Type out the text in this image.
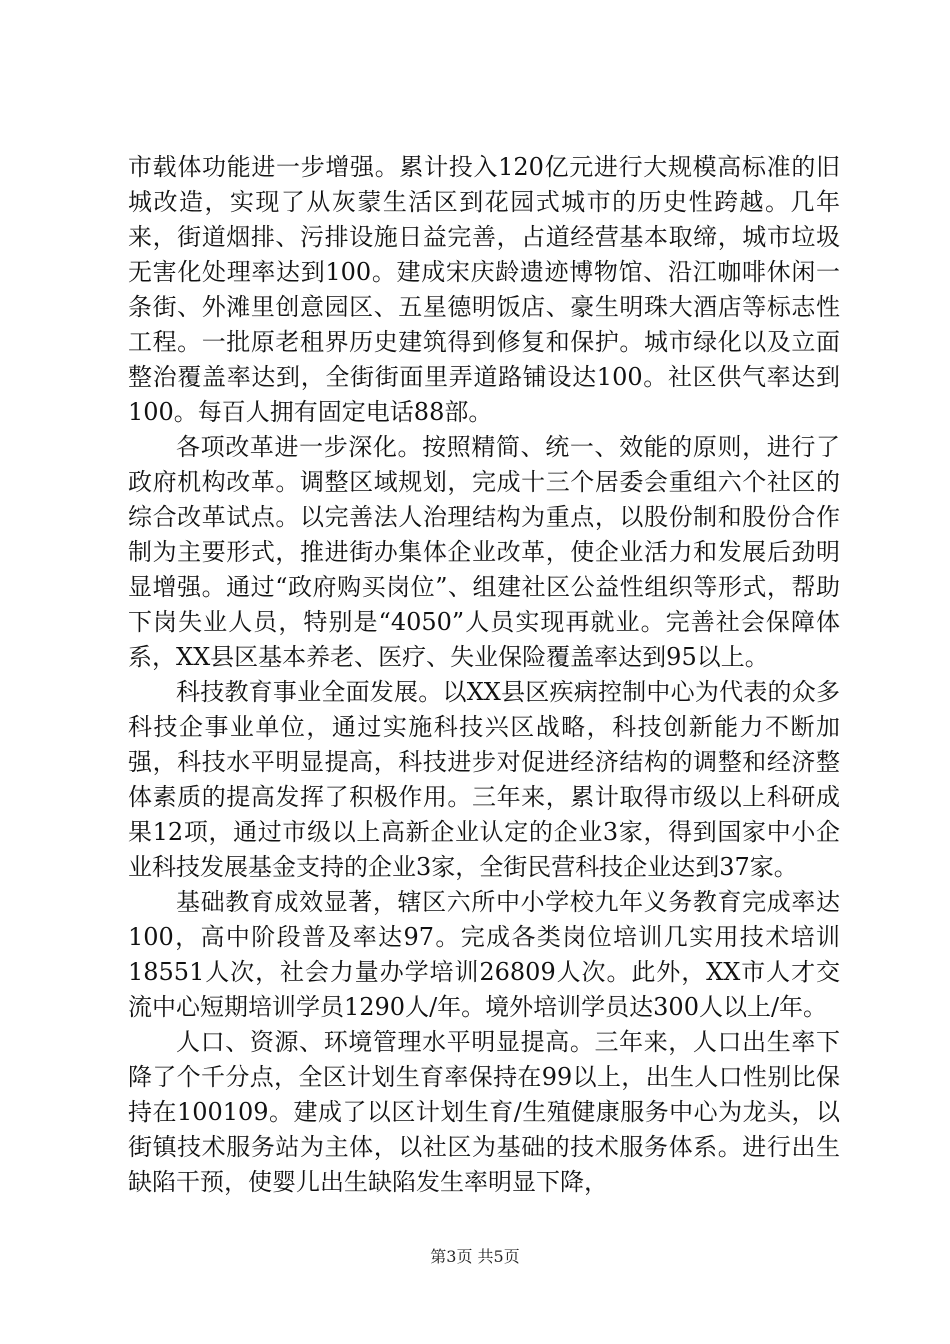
市载体功能进一步增强。累计投入120亿元进行大规模高标准的旧城改造，实现了从灰蒙生活区到花园式城市的历史性跨越。几年来，街道烟排、污排设施日益完善，占道经营基本取缔，城市垃圾无害化处理率达到100。建成宋庆龄遗迹博物馆、沿江咖啡休闲一条街、外滩里创意园区、五星德明饭店、豪生明珠大酒店等标志性工程。一批原老租界历史建筑得到修复和保护。城市绿化以及立面整治覆盖率达到，全街街面里弄道路铺设达100。社区供气率达到100。每百人拥有固定电话88部。

各项改革进一步深化。按照精简、统一、效能的原则，进行了政府机构改革。调整区域规划，完成十三个居委会重组六个社区的综合改革试点。以完善法人治理结构为重点，以股份制和股份合作制为主要形式，推进街办集体企业改革，使企业活力和发展后劲明显增强。通过“政府购买岗位”、组建社区公益性组织等形式，帮助下岗失业人员，特别是“4050”人员实现再就业。完善社会保障体系，XX县区基本养老、医疗、失业保险覆盖率达到95以上。

科技教育事业全面发展。以XX县区疾病控制中心为代表的众多科技企事业单位，通过实施科技兴区战略，科技创新能力不断加强，科技水平明显提高，科技进步对促进经济结构的调整和经济整体素质的提高发挥了积极作用。三年来，累计取得市级以上科研成果12项，通过市级以上高新企业认定的企业3家，得到国家中小企业科技发展基金支持的企业3家，全街民营科技企业达到37家。

基础教育成效显著，辖区六所中小学校九年义务教育完成率达100，高中阶段普及率达97。完成各类岗位培训几实用技术培训18551人次，社会力量办学培训26809人次。此外，XX市人才交流中心短期培训学员1290人/年。境外培训学员达300人以上/年。

人口、资源、环境管理水平明显提高。三年来，人口出生率下降了个千分点，全区计划生育率保持在99以上，出生人口性别比保持在100109。建成了以区计划生育/生殖健康服务中心为龙头，以街镇技术服务站为主体，以社区为基础的技术服务体系。进行出生缺陷干预，使婴儿出生缺陷发生率明显下降，

第3页 共5页
